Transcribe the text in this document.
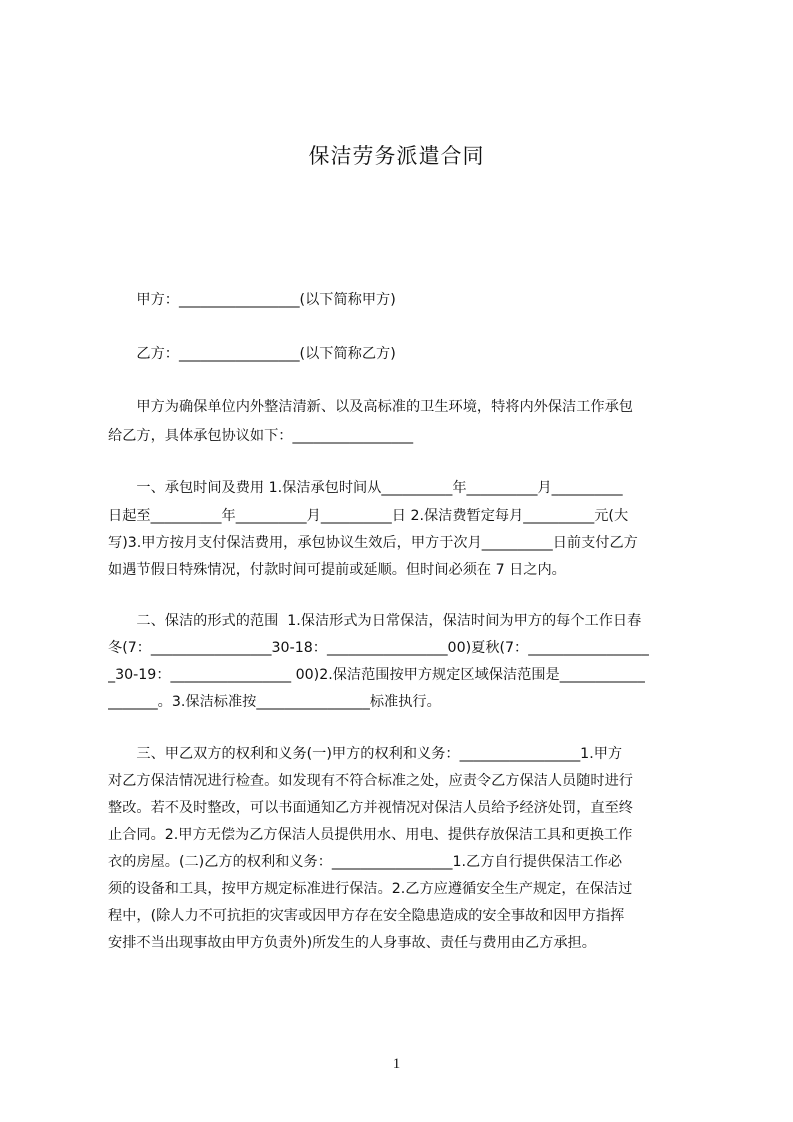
保洁劳务派遣合同
　　甲方：_________________(以下简称甲方)
　　乙方：_________________(以下简称乙方)
　　甲方为确保单位内外整洁清新、以及高标准的卫生环境，特将内外保洁工作承包
给乙方，具体承包协议如下：_________________
　　一、承包时间及费用 1.保洁承包时间从__________年__________月__________
日起至__________年__________月__________日 2.保洁费暂定每月__________元(大
写)3.甲方按月支付保洁费用，承包协议生效后，甲方于次月__________日前支付乙方
如遇节假日特殊情况，付款时间可提前或延顺。但时间必须在 7 日之内。
　　二、保洁的形式的范围  1.保洁形式为日常保洁，保洁时间为甲方的每个工作日春
冬(7：_________________30-18：_________________00)夏秋(7：_________________
_30-19：_________________ 00)2.保洁范围按甲方规定区域保洁范围是____________
_______。3.保洁标准按________________标准执行。
　　三、甲乙双方的权利和义务(一)甲方的权利和义务：_________________1.甲方
对乙方保洁情况进行检查。如发现有不符合标准之处，应责令乙方保洁人员随时进行
整改。若不及时整改，可以书面通知乙方并视情况对保洁人员给予经济处罚，直至终
止合同。2.甲方无偿为乙方保洁人员提供用水、用电、提供存放保洁工具和更换工作
衣的房屋。(二)乙方的权利和义务：_________________1.乙方自行提供保洁工作必
须的设备和工具，按甲方规定标准进行保洁。2.乙方应遵循安全生产规定，在保洁过
程中，(除人力不可抗拒的灾害或因甲方存在安全隐患造成的安全事故和因甲方指挥
安排不当出现事故由甲方负责外)所发生的人身事故、责任与费用由乙方承担。
1
